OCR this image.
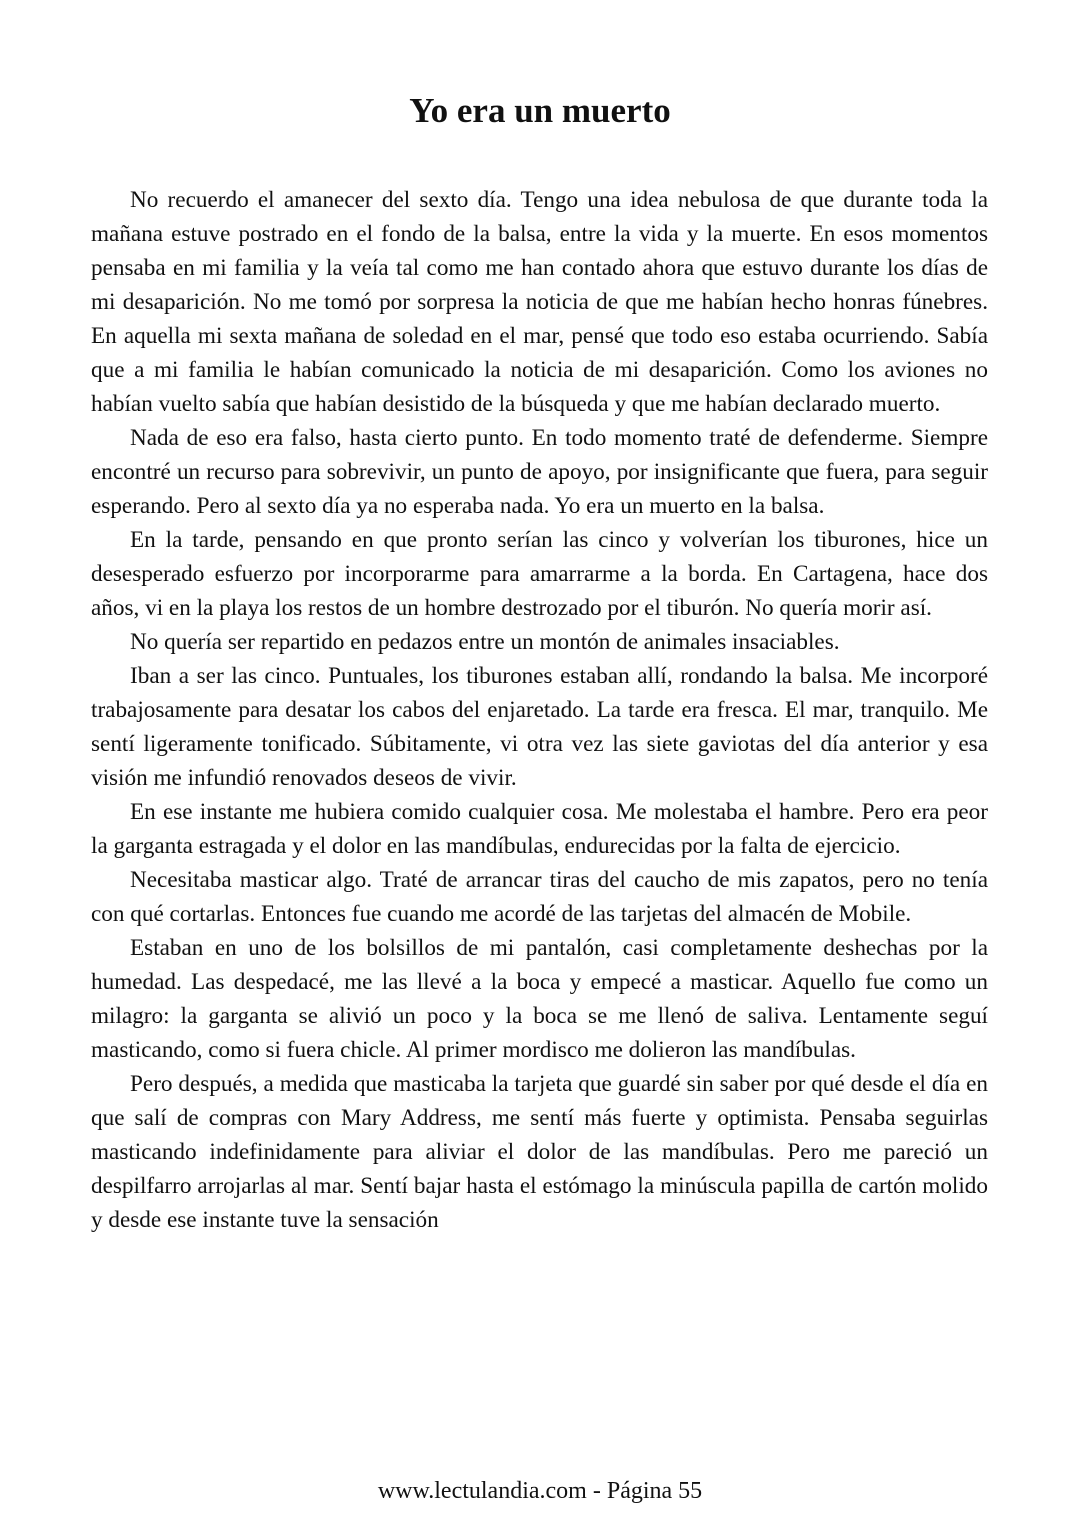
Yo era un muerto

No recuerdo el amanecer del sexto día. Tengo una idea nebulosa de que durante toda la mañana estuve postrado en el fondo de la balsa, entre la vida y la muerte. En esos momentos pensaba en mi familia y la veía tal como me han contado ahora que estuvo durante los días de mi desaparición. No me tomó por sorpresa la noticia de que me habían hecho honras fúnebres. En aquella mi sexta mañana de soledad en el mar, pensé que todo eso estaba ocurriendo. Sabía que a mi familia le habían comunicado la noticia de mi desaparición. Como los aviones no habían vuelto sabía que habían desistido de la búsqueda y que me habían declarado muerto.

Nada de eso era falso, hasta cierto punto. En todo momento traté de defenderme. Siempre encontré un recurso para sobrevivir, un punto de apoyo, por insignificante que fuera, para seguir esperando. Pero al sexto día ya no esperaba nada. Yo era un muerto en la balsa.

En la tarde, pensando en que pronto serían las cinco y volverían los tiburones, hice un desesperado esfuerzo por incorporarme para amarrarme a la borda. En Cartagena, hace dos años, vi en la playa los restos de un hombre destrozado por el tiburón. No quería morir así.

No quería ser repartido en pedazos entre un montón de animales insaciables.

Iban a ser las cinco. Puntuales, los tiburones estaban allí, rondando la balsa. Me incorporé trabajosamente para desatar los cabos del enjaretado. La tarde era fresca. El mar, tranquilo. Me sentí ligeramente tonificado. Súbitamente, vi otra vez las siete gaviotas del día anterior y esa visión me infundió renovados deseos de vivir.

En ese instante me hubiera comido cualquier cosa. Me molestaba el hambre. Pero era peor la garganta estragada y el dolor en las mandíbulas, endurecidas por la falta de ejercicio.

Necesitaba masticar algo. Traté de arrancar tiras del caucho de mis zapatos, pero no tenía con qué cortarlas. Entonces fue cuando me acordé de las tarjetas del almacén de Mobile.

Estaban en uno de los bolsillos de mi pantalón, casi completamente deshechas por la humedad. Las despedacé, me las llevé a la boca y empecé a masticar. Aquello fue como un milagro: la garganta se alivió un poco y la boca se me llenó de saliva. Lentamente seguí masticando, como si fuera chicle. Al primer mordisco me dolieron las mandíbulas.

Pero después, a medida que masticaba la tarjeta que guardé sin saber por qué desde el día en que salí de compras con Mary Address, me sentí más fuerte y optimista. Pensaba seguirlas masticando indefinidamente para aliviar el dolor de las mandíbulas. Pero me pareció un despilfarro arrojarlas al mar. Sentí bajar hasta el estómago la minúscula papilla de cartón molido y desde ese instante tuve la sensación

www.lectulandia.com - Página 55
